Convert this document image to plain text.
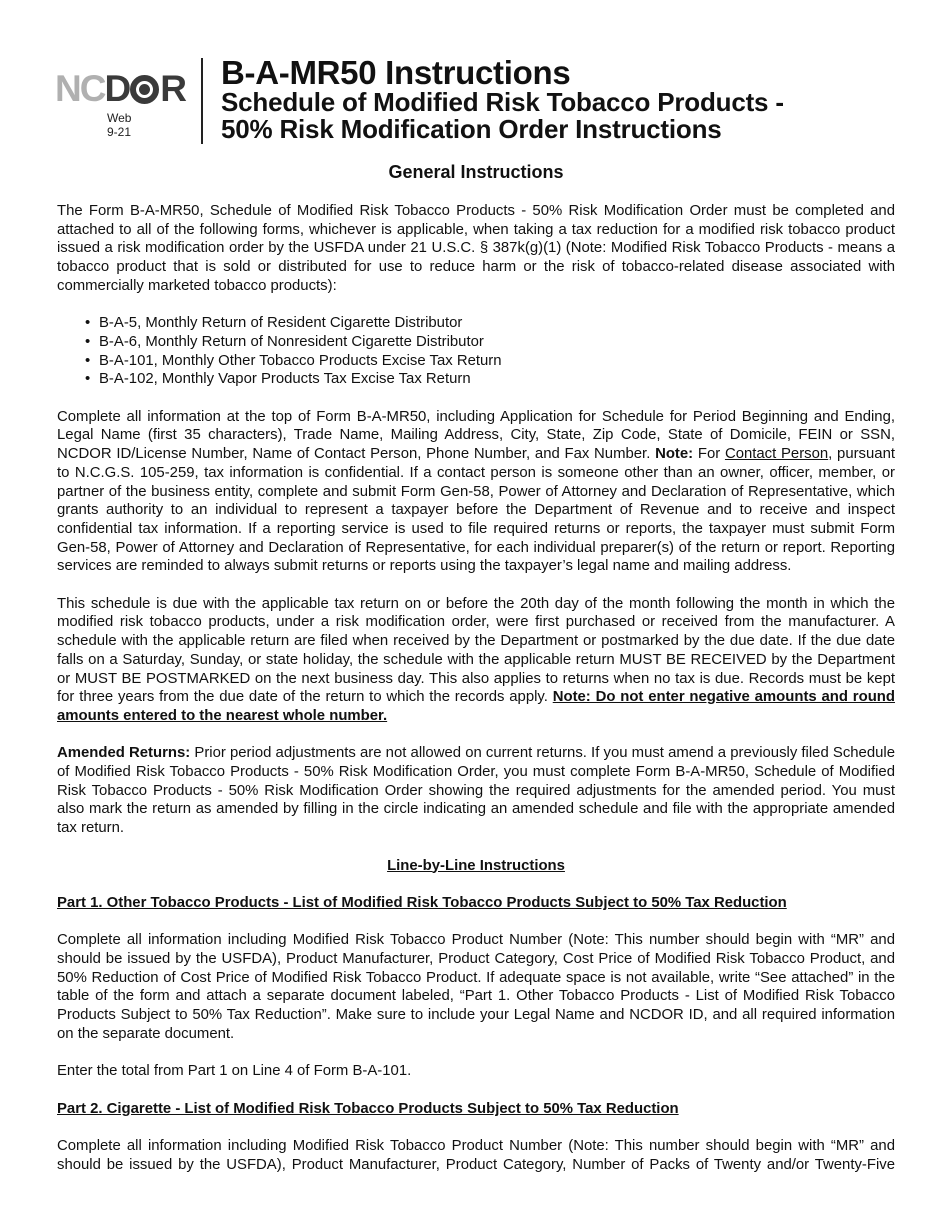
NCD R
Web
9-21
B-A-MR50 Instructions
Schedule of Modified Risk Tobacco Products -
50% Risk Modification Order Instructions
General Instructions

The Form B-A-MR50, Schedule of Modified Risk Tobacco Products - 50% Risk Modification Order must be completed and attached to all of the following forms, whichever is applicable, when taking a tax reduction for a modified risk tobacco product issued a risk modification order by the USFDA under 21 U.S.C. § 387k(g)(1) (Note: Modified Risk Tobacco Products - means a tobacco product that is sold or distributed for use to reduce harm or the risk of tobacco-related disease associated with commercially marketed tobacco products):

• B-A-5, Monthly Return of Resident Cigarette Distributor
• B-A-6, Monthly Return of Nonresident Cigarette Distributor
• B-A-101, Monthly Other Tobacco Products Excise Tax Return
• B-A-102, Monthly Vapor Products Tax Excise Tax Return

Complete all information at the top of Form B-A-MR50, including Application for Schedule for Period Beginning and Ending, Legal Name (first 35 characters), Trade Name, Mailing Address, City, State, Zip Code, State of Domicile, FEIN or SSN, NCDOR ID/License Number, Name of Contact Person, Phone Number, and Fax Number. Note: For Contact Person, pursuant to N.C.G.S. 105-259, tax information is confidential. If a contact person is someone other than an owner, officer, member, or partner of the business entity, complete and submit Form Gen-58, Power of Attorney and Declaration of Representative, which grants authority to an individual to represent a taxpayer before the Department of Revenue and to receive and inspect confidential tax information. If a reporting service is used to file required returns or reports, the taxpayer must submit Form Gen-58, Power of Attorney and Declaration of Representative, for each individual preparer(s) of the return or report. Reporting services are reminded to always submit returns or reports using the taxpayer’s legal name and mailing address.

This schedule is due with the applicable tax return on or before the 20th day of the month following the month in which the modified risk tobacco products, under a risk modification order, were first purchased or received from the manufacturer. A schedule with the applicable return are filed when received by the Department or postmarked by the due date. If the due date falls on a Saturday, Sunday, or state holiday, the schedule with the applicable return MUST BE RECEIVED by the Department or MUST BE POSTMARKED on the next business day. This also applies to returns when no tax is due. Records must be kept for three years from the due date of the return to which the records apply. Note: Do not enter negative amounts and round amounts entered to the nearest whole number.

Amended Returns: Prior period adjustments are not allowed on current returns. If you must amend a previously filed Schedule of Modified Risk Tobacco Products - 50% Risk Modification Order, you must complete Form B-A-MR50, Schedule of Modified Risk Tobacco Products - 50% Risk Modification Order showing the required adjustments for the amended period. You must also mark the return as amended by filling in the circle indicating an amended schedule and file with the appropriate amended tax return.

Line-by-Line Instructions
Part 1. Other Tobacco Products - List of Modified Risk Tobacco Products Subject to 50% Tax Reduction

Complete all information including Modified Risk Tobacco Product Number (Note: This number should begin with “MR” and should be issued by the USFDA), Product Manufacturer, Product Category, Cost Price of Modified Risk Tobacco Product, and 50% Reduction of Cost Price of Modified Risk Tobacco Product. If adequate space is not available, write “See attached” in the table of the form and attach a separate document labeled, “Part 1. Other Tobacco Products - List of Modified Risk Tobacco Products Subject to 50% Tax Reduction”. Make sure to include your Legal Name and NCDOR ID, and all required information on the separate document.

Enter the total from Part 1 on Line 4 of Form B-A-101.

Part 2. Cigarette - List of Modified Risk Tobacco Products Subject to 50% Tax Reduction

Complete all information including Modified Risk Tobacco Product Number (Note: This number should begin with “MR” and should be issued by the USFDA), Product Manufacturer, Product Category, Number of Packs of Twenty and/or Twenty-Five
